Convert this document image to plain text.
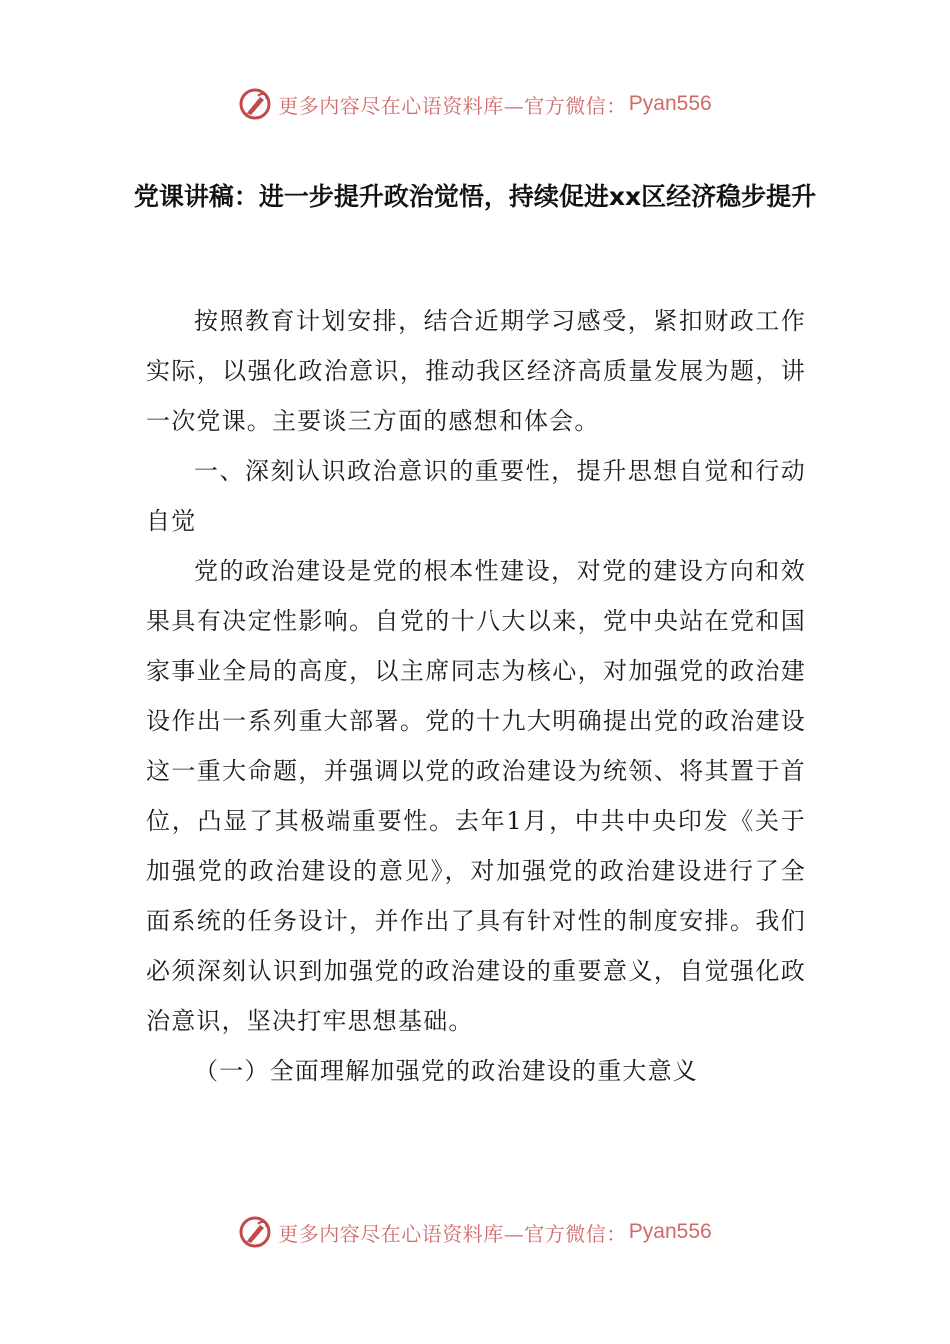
更多内容尽在心语资料库—官方微信： Pyan556
党课讲稿：进一步提升政治觉悟，持续促进xx区经济稳步提升

按照教育计划安排，结合近期学习感受，紧扣财政工作实际，以强化政治意识，推动我区经济高质量发展为题，讲一次党课。主要谈三方面的感想和体会。

一、深刻认识政治意识的重要性，提升思想自觉和行动自觉

党的政治建设是党的根本性建设，对党的建设方向和效果具有决定性影响。自党的十八大以来，党中央站在党和国家事业全局的高度，以主席同志为核心，对加强党的政治建设作出一系列重大部署。党的十九大明确提出党的政治建设这一重大命题，并强调以党的政治建设为统领、将其置于首位，凸显了其极端重要性。去年1月，中共中央印发《关于加强党的政治建设的意见》，对加强党的政治建设进行了全面系统的任务设计，并作出了具有针对性的制度安排。我们必须深刻认识到加强党的政治建设的重要意义，自觉强化政治意识，坚决打牢思想基础。

（一）全面理解加强党的政治建设的重大意义

更多内容尽在心语资料库—官方微信： Pyan556
